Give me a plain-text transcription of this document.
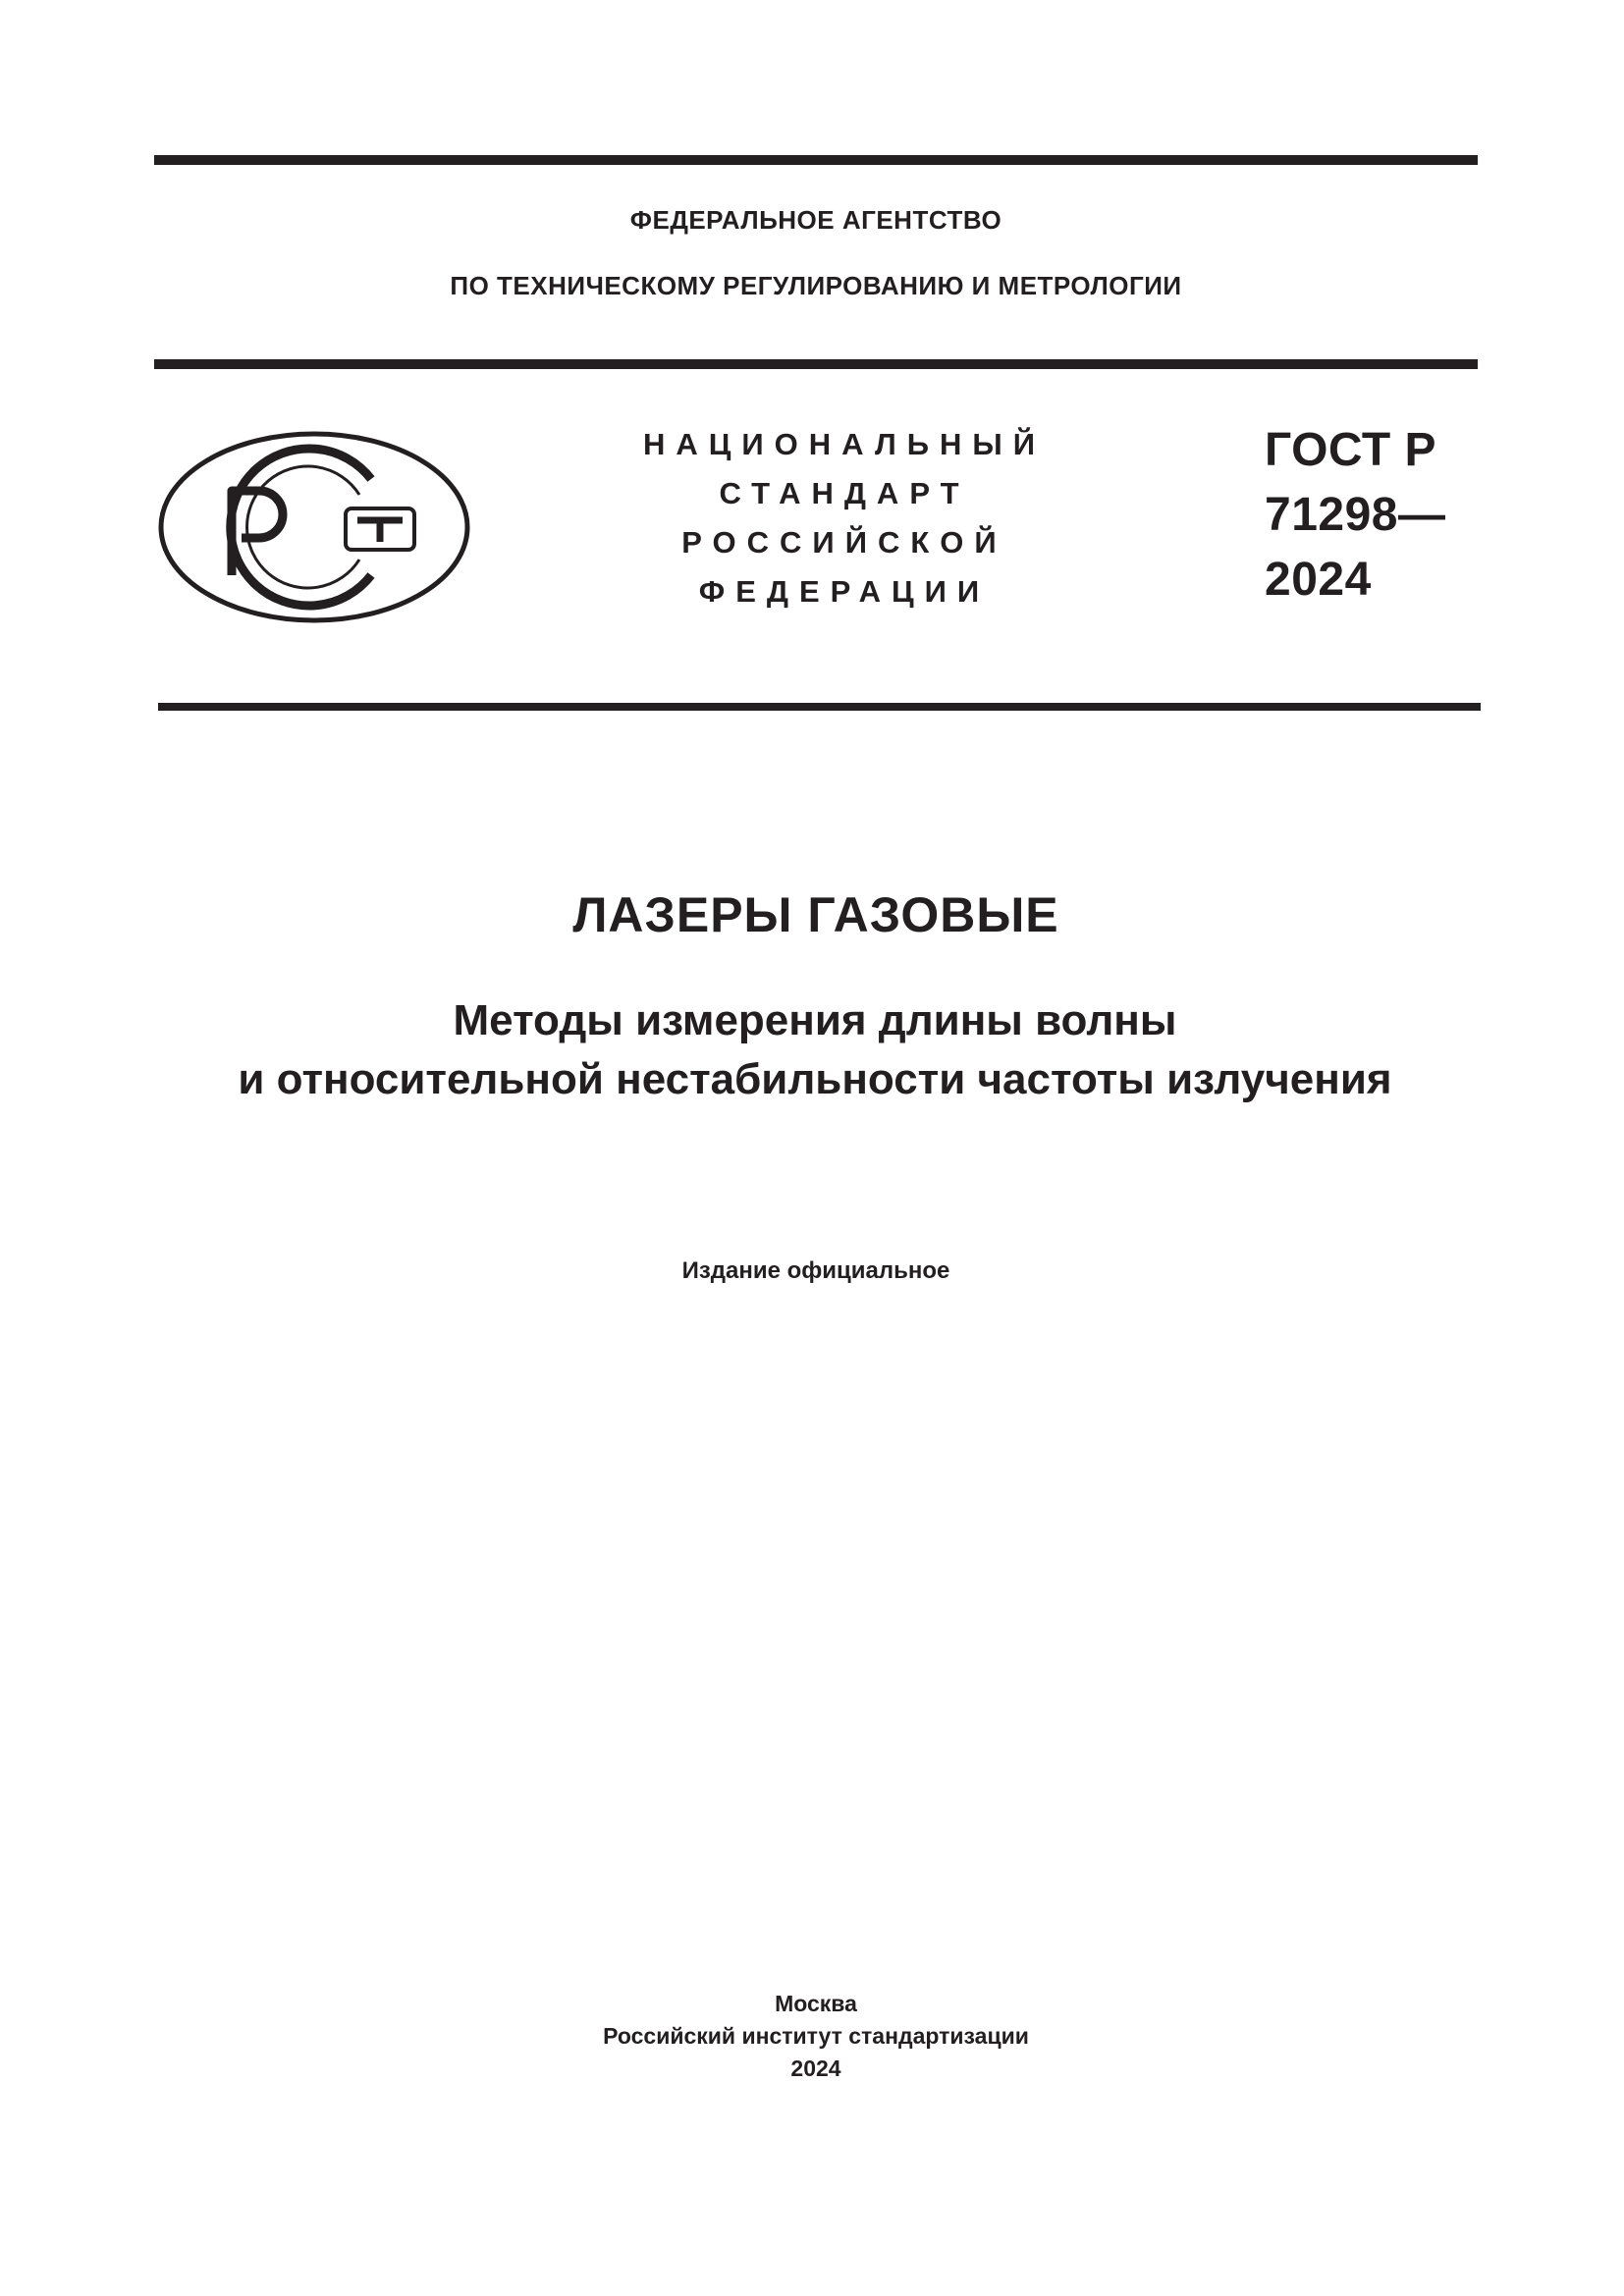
ФЕДЕРАЛЬНОЕ АГЕНТСТВО
ПО ТЕХНИЧЕСКОМУ РЕГУЛИРОВАНИЮ И МЕТРОЛОГИИ
НАЦИОНАЛЬНЫЙ
СТАНДАРТ
РОССИЙСКОЙ
ФЕДЕРАЦИИ
ГОСТ Р
71298—
2024
ЛАЗЕРЫ ГАЗОВЫЕ
Методы измерения длины волны
и относительной нестабильности частоты излучения
Издание официальное
Москва
Российский институт стандартизации
2024
